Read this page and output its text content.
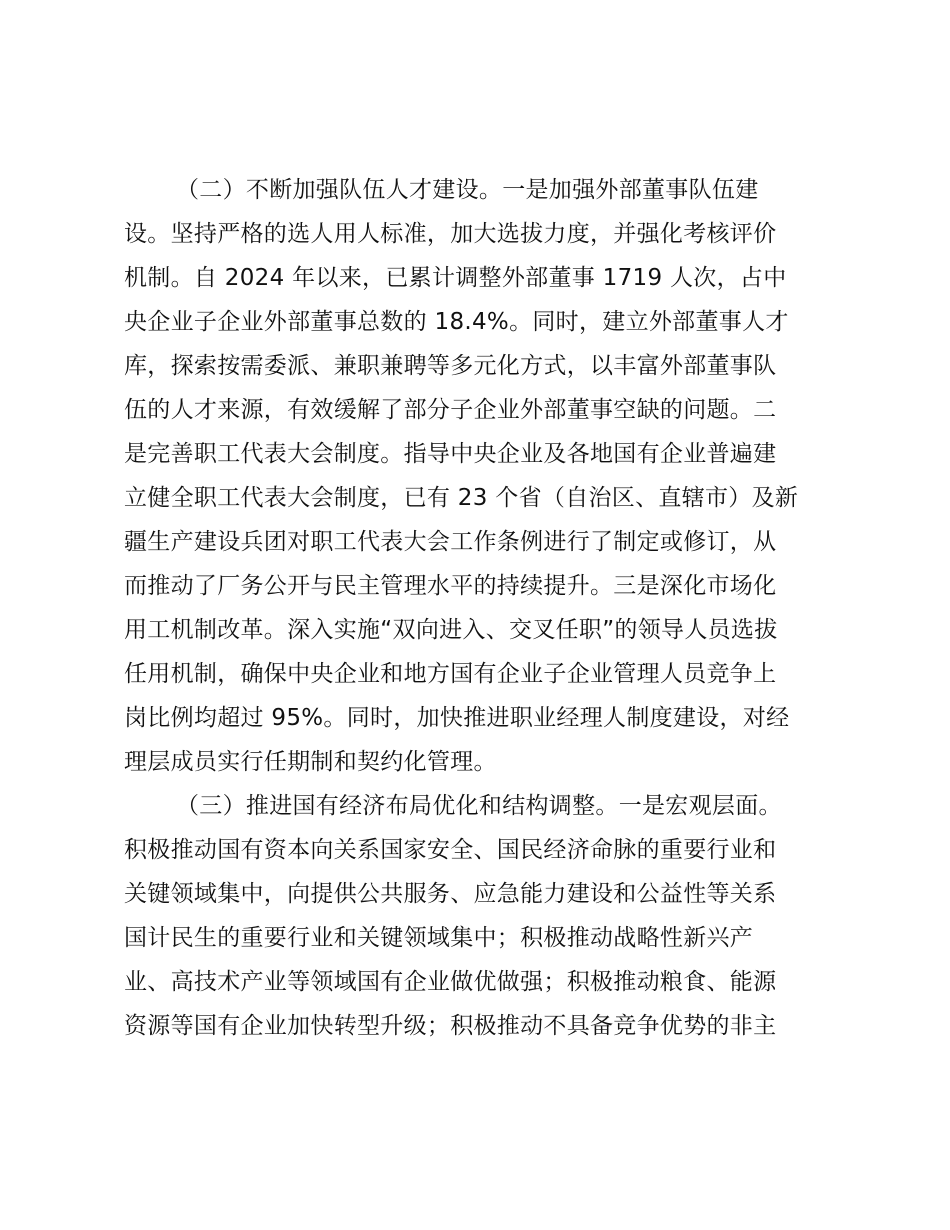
（二）不断加强队伍人才建设。一是加强外部董事队伍建
设。坚持严格的选人用人标准，加大选拔力度，并强化考核评价
机制。自 2024 年以来，已累计调整外部董事 1719 人次，占中
央企业子企业外部董事总数的 18.4%。同时，建立外部董事人才
库，探索按需委派、兼职兼聘等多元化方式，以丰富外部董事队
伍的人才来源，有效缓解了部分子企业外部董事空缺的问题。二
是完善职工代表大会制度。指导中央企业及各地国有企业普遍建
立健全职工代表大会制度，已有 23 个省（自治区、直辖市）及新
疆生产建设兵团对职工代表大会工作条例进行了制定或修订，从
而推动了厂务公开与民主管理水平的持续提升。三是深化市场化
用工机制改革。深入实施“双向进入、交叉任职”的领导人员选拔
任用机制，确保中央企业和地方国有企业子企业管理人员竞争上
岗比例均超过 95%。同时，加快推进职业经理人制度建设，对经
理层成员实行任期制和契约化管理。
（三）推进国有经济布局优化和结构调整。一是宏观层面。
积极推动国有资本向关系国家安全、国民经济命脉的重要行业和
关键领域集中，向提供公共服务、应急能力建设和公益性等关系
国计民生的重要行业和关键领域集中；积极推动战略性新兴产
业、高技术产业等领域国有企业做优做强；积极推动粮食、能源
资源等国有企业加快转型升级；积极推动不具备竞争优势的非主
